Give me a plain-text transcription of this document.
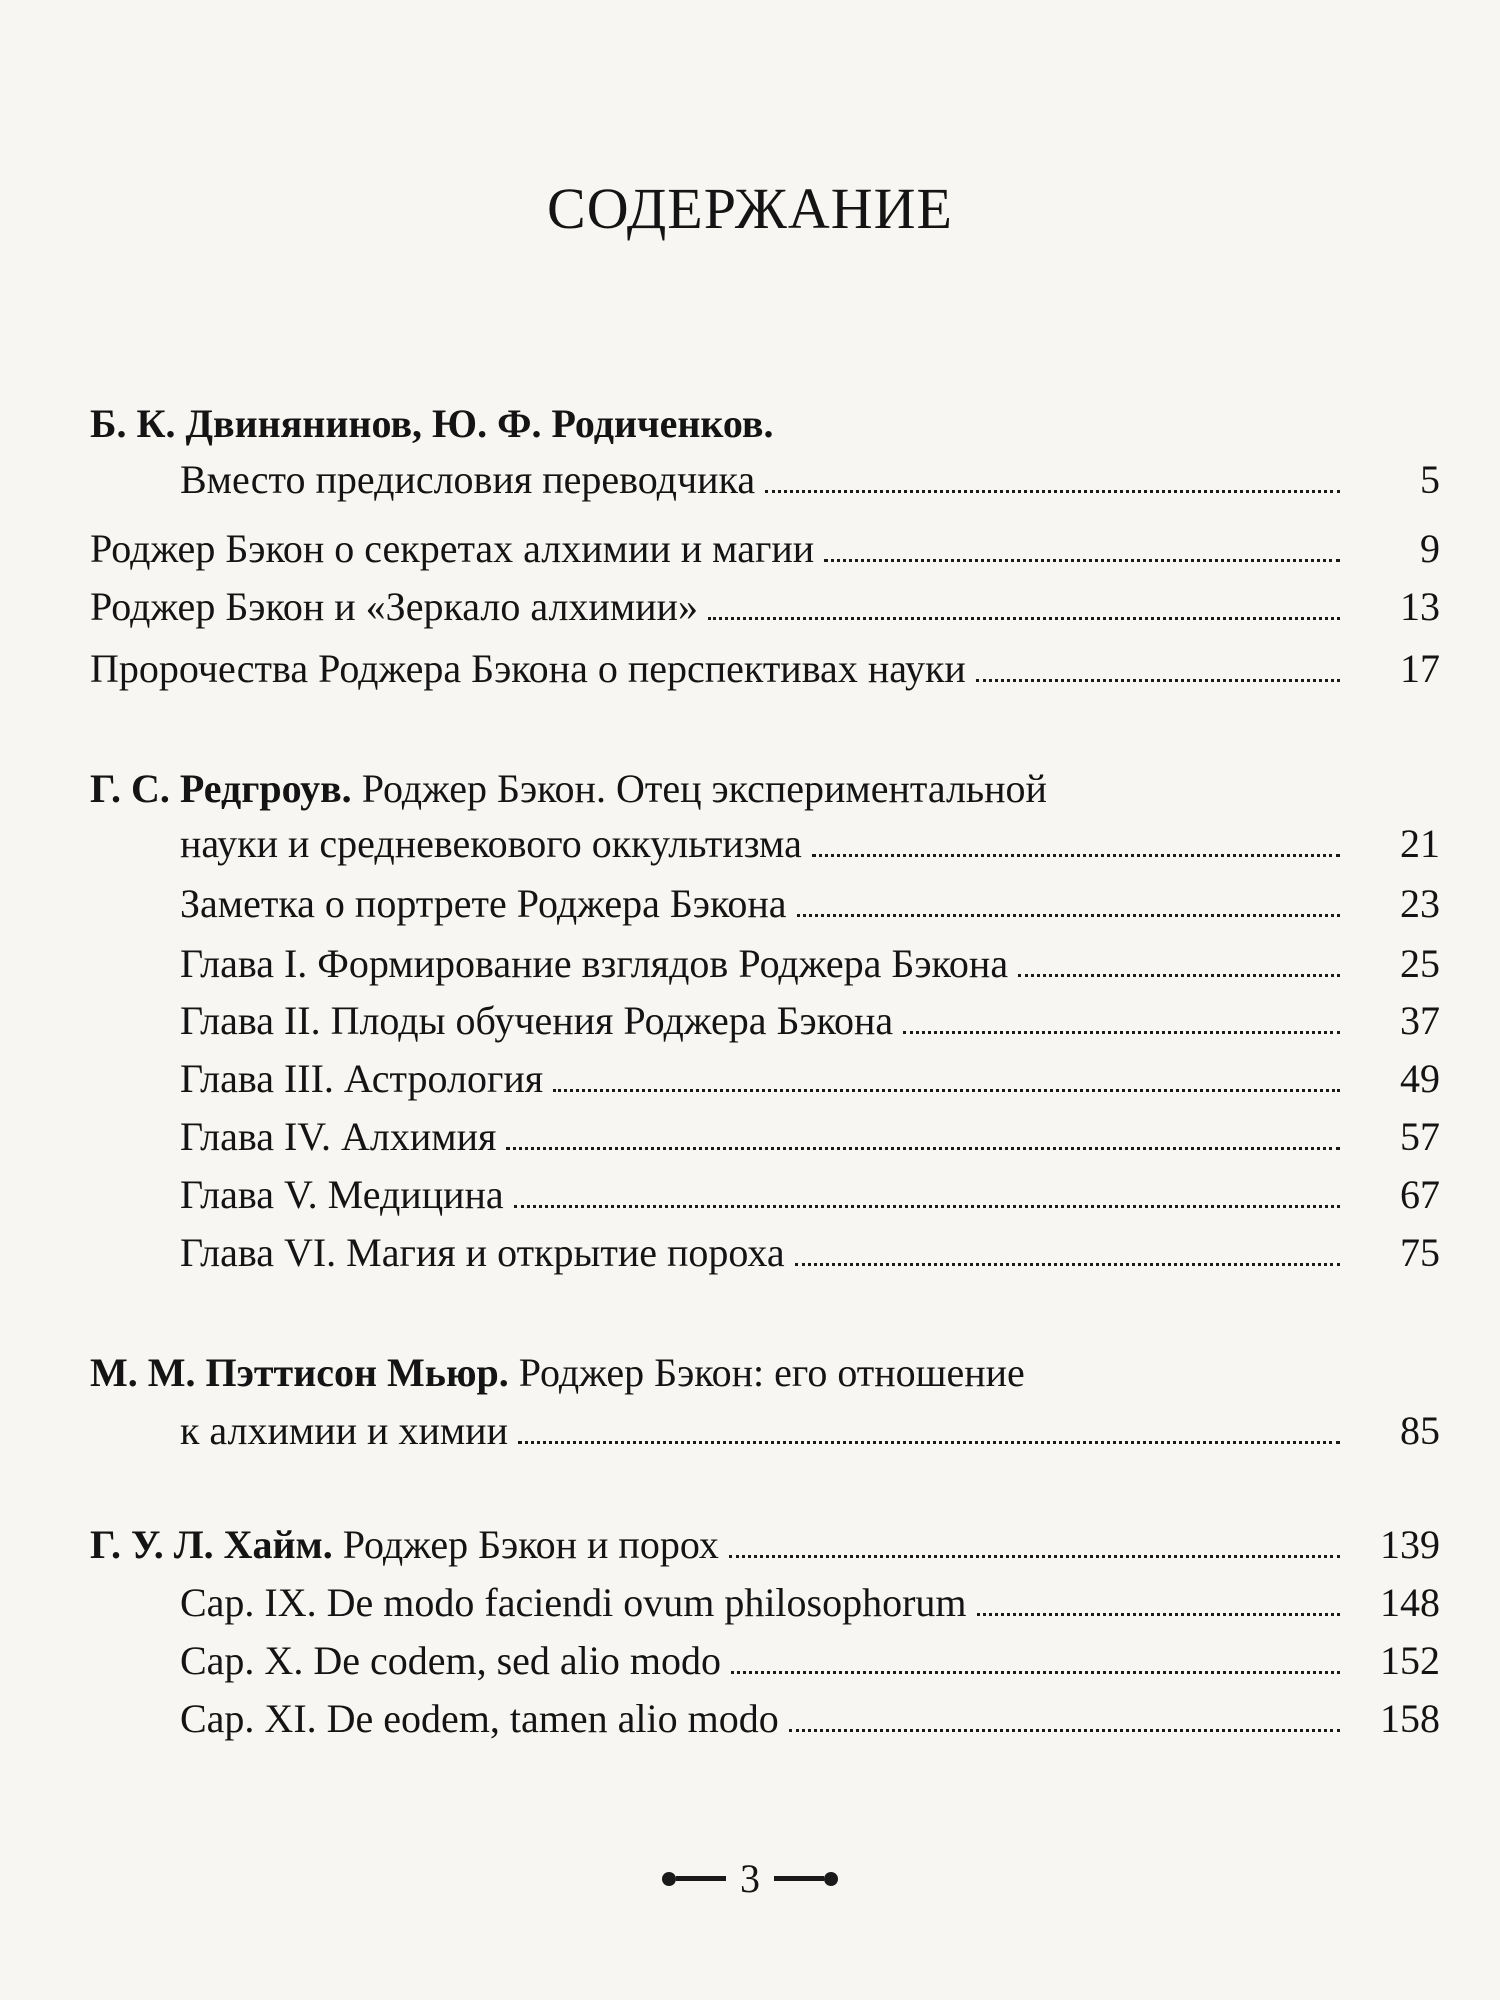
СОДЕРЖАНИЕ
Б. К. Двинянинов, Ю. Ф. Родиченков.
Вместо предисловия переводчика	5
Роджер Бэкон о секретах алхимии и магии	9
Роджер Бэкон и «Зеркало алхимии»	13
Пророчества Роджера Бэкона о перспективах науки	17
Г. С. Редгроув. Роджер Бэкон. Отец экспериментальной
науки и средневекового оккультизма	21
Заметка о портрете Роджера Бэкона	23
Глава I. Формирование взглядов Роджера Бэкона	25
Глава II. Плоды обучения Роджера Бэкона	37
Глава III. Астрология	49
Глава IV. Алхимия	57
Глава V. Медицина	67
Глава VI. Магия и открытие пороха	75
М. М. Пэттисон Мьюр. Роджер Бэкон: его отношение
к алхимии и химии	85
Г. У. Л. Хайм. Роджер Бэкон и порох	139
Cap. IX. De modo faciendi ovum philosophorum	148
Cap. X. De codem, sed alio modo	152
Cap. XI. De eodem, tamen alio modo	158
3
